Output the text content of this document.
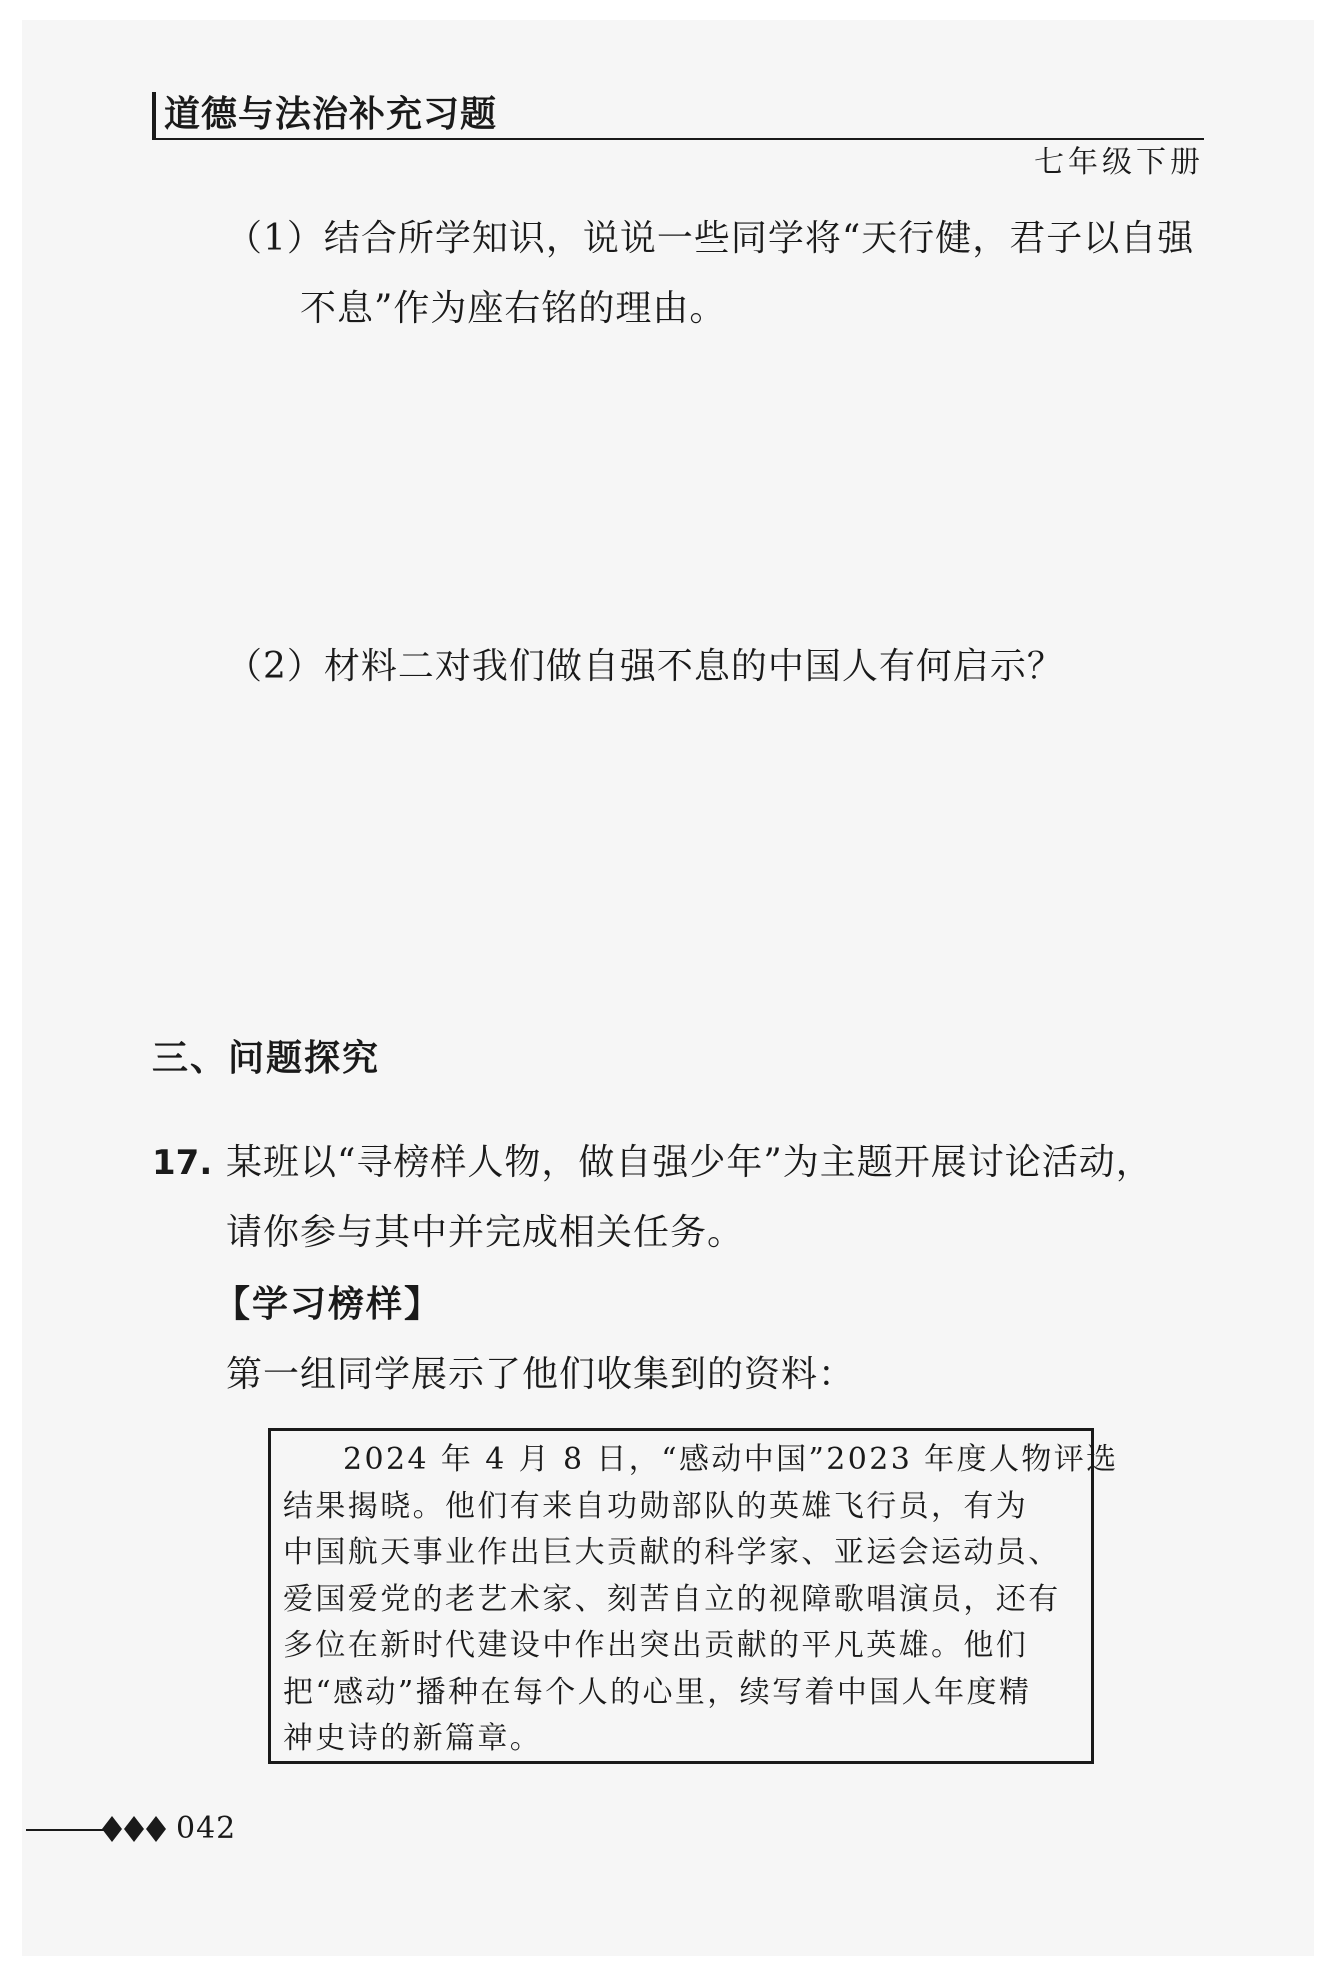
道德与法治补充习题
七年级下册
（1）结合所学知识，说说一些同学将“天行健，君子以自强
不息”作为座右铭的理由。
（2）材料二对我们做自强不息的中国人有何启示？
三、问题探究
17. 某班以“寻榜样人物，做自强少年”为主题开展讨论活动，
请你参与其中并完成相关任务。
【学习榜样】
第一组同学展示了他们收集到的资料：
2024 年 4 月 8 日，“感动中国”2023 年度人物评选
结果揭晓。他们有来自功勋部队的英雄飞行员，有为
中国航天事业作出巨大贡献的科学家、亚运会运动员、
爱国爱党的老艺术家、刻苦自立的视障歌唱演员，还有
多位在新时代建设中作出突出贡献的平凡英雄。他们
把“感动”播种在每个人的心里，续写着中国人年度精
神史诗的新篇章。
042
